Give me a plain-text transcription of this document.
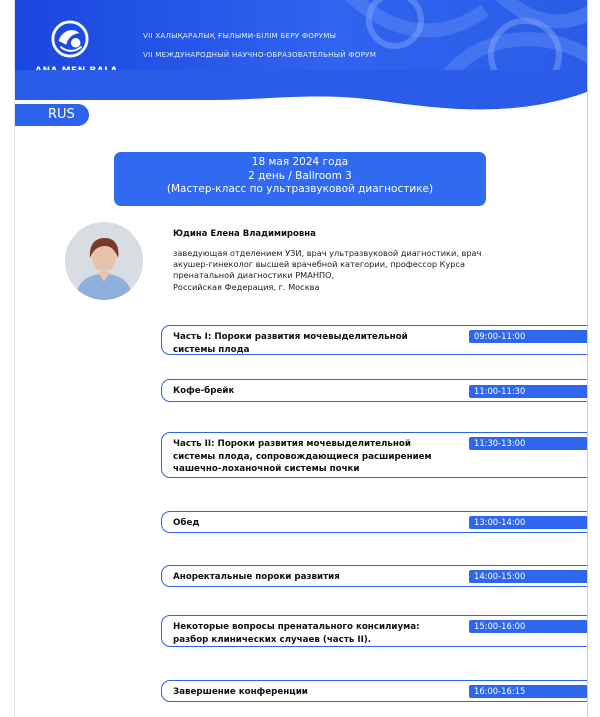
VII ХАЛЫҚАРАЛЫҚ ҒЫЛЫМИ-БІЛІМ БЕРУ ФОРУМЫ
VII МЕЖДУНАРОДНЫЙ НАУЧНО-ОБРАЗОВАТЕЛЬНЫЙ ФОРУМ
RUS
18 мая 2024 года
2 день / Ballroom 3
(Мастер-класс по ультразвуковой диагностике)
Юдина Елена Владимировна
заведующая отделением УЗИ, врач ультразвуковой диагностики, врач
акушер-гинеколог высшей врачебной категории, профессор Курса
пренатальной диагностики РМАНПО,
Российская Федерация, г. Москва
Часть I: Пороки развития мочевыделительной
системы плода
09:00-11:00
Кофе-брейк	11:00-11:30
Часть II: Пороки развития мочевыделительной
системы плода, сопровождающиеся расширением
чашечно-лоханочной системы почки
11:30-13:00
Обед	13:00-14:00
Аноректальные пороки развития	14:00-15:00
Некоторые вопросы пренатального консилиума:
разбор клинических случаев (часть II).
15:00-16:00
Завершение конференции	16:00-16:15
